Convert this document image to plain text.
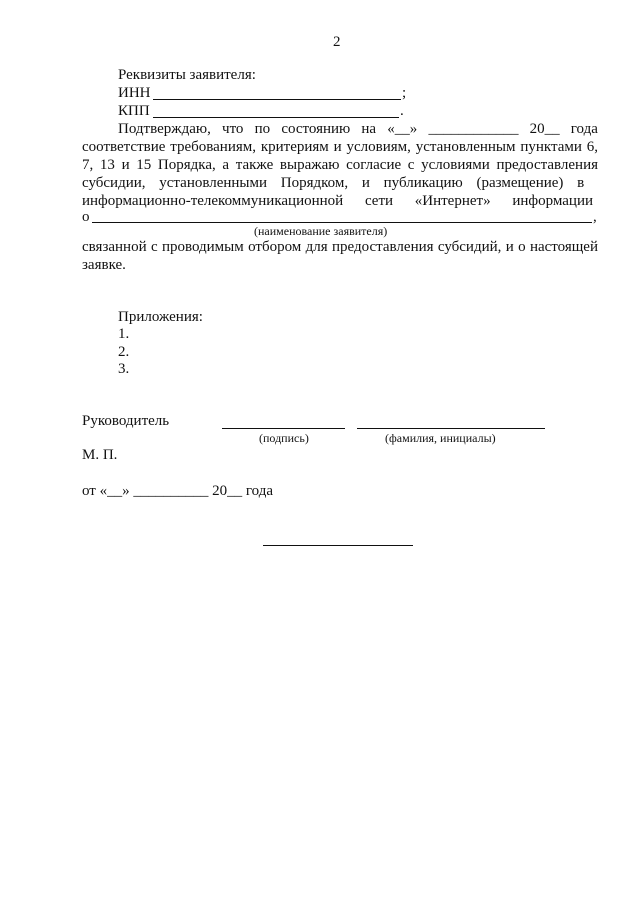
2
Реквизиты заявителя:
ИНН	;
КПП	.
Подтверждаю, что по состоянию на «__» ____________ 20__ года
соответствие требованиям, критериям и условиям, установленным пунктами 6,
7, 13 и 15 Порядка, а также выражаю согласие с условиями предоставления
субсидии, установленными Порядком, и публикацию (размещение) в
информационно-телекоммуникационной сети «Интернет» информации
о	,
(наименование заявителя)
связанной с проводимым отбором для предоставления субсидий, и о настоящей
заявке.
Приложения:
1.
2.
3.
Руководитель
(подпись)	(фамилия, инициалы)
М. П.
от «__» __________ 20__ года
